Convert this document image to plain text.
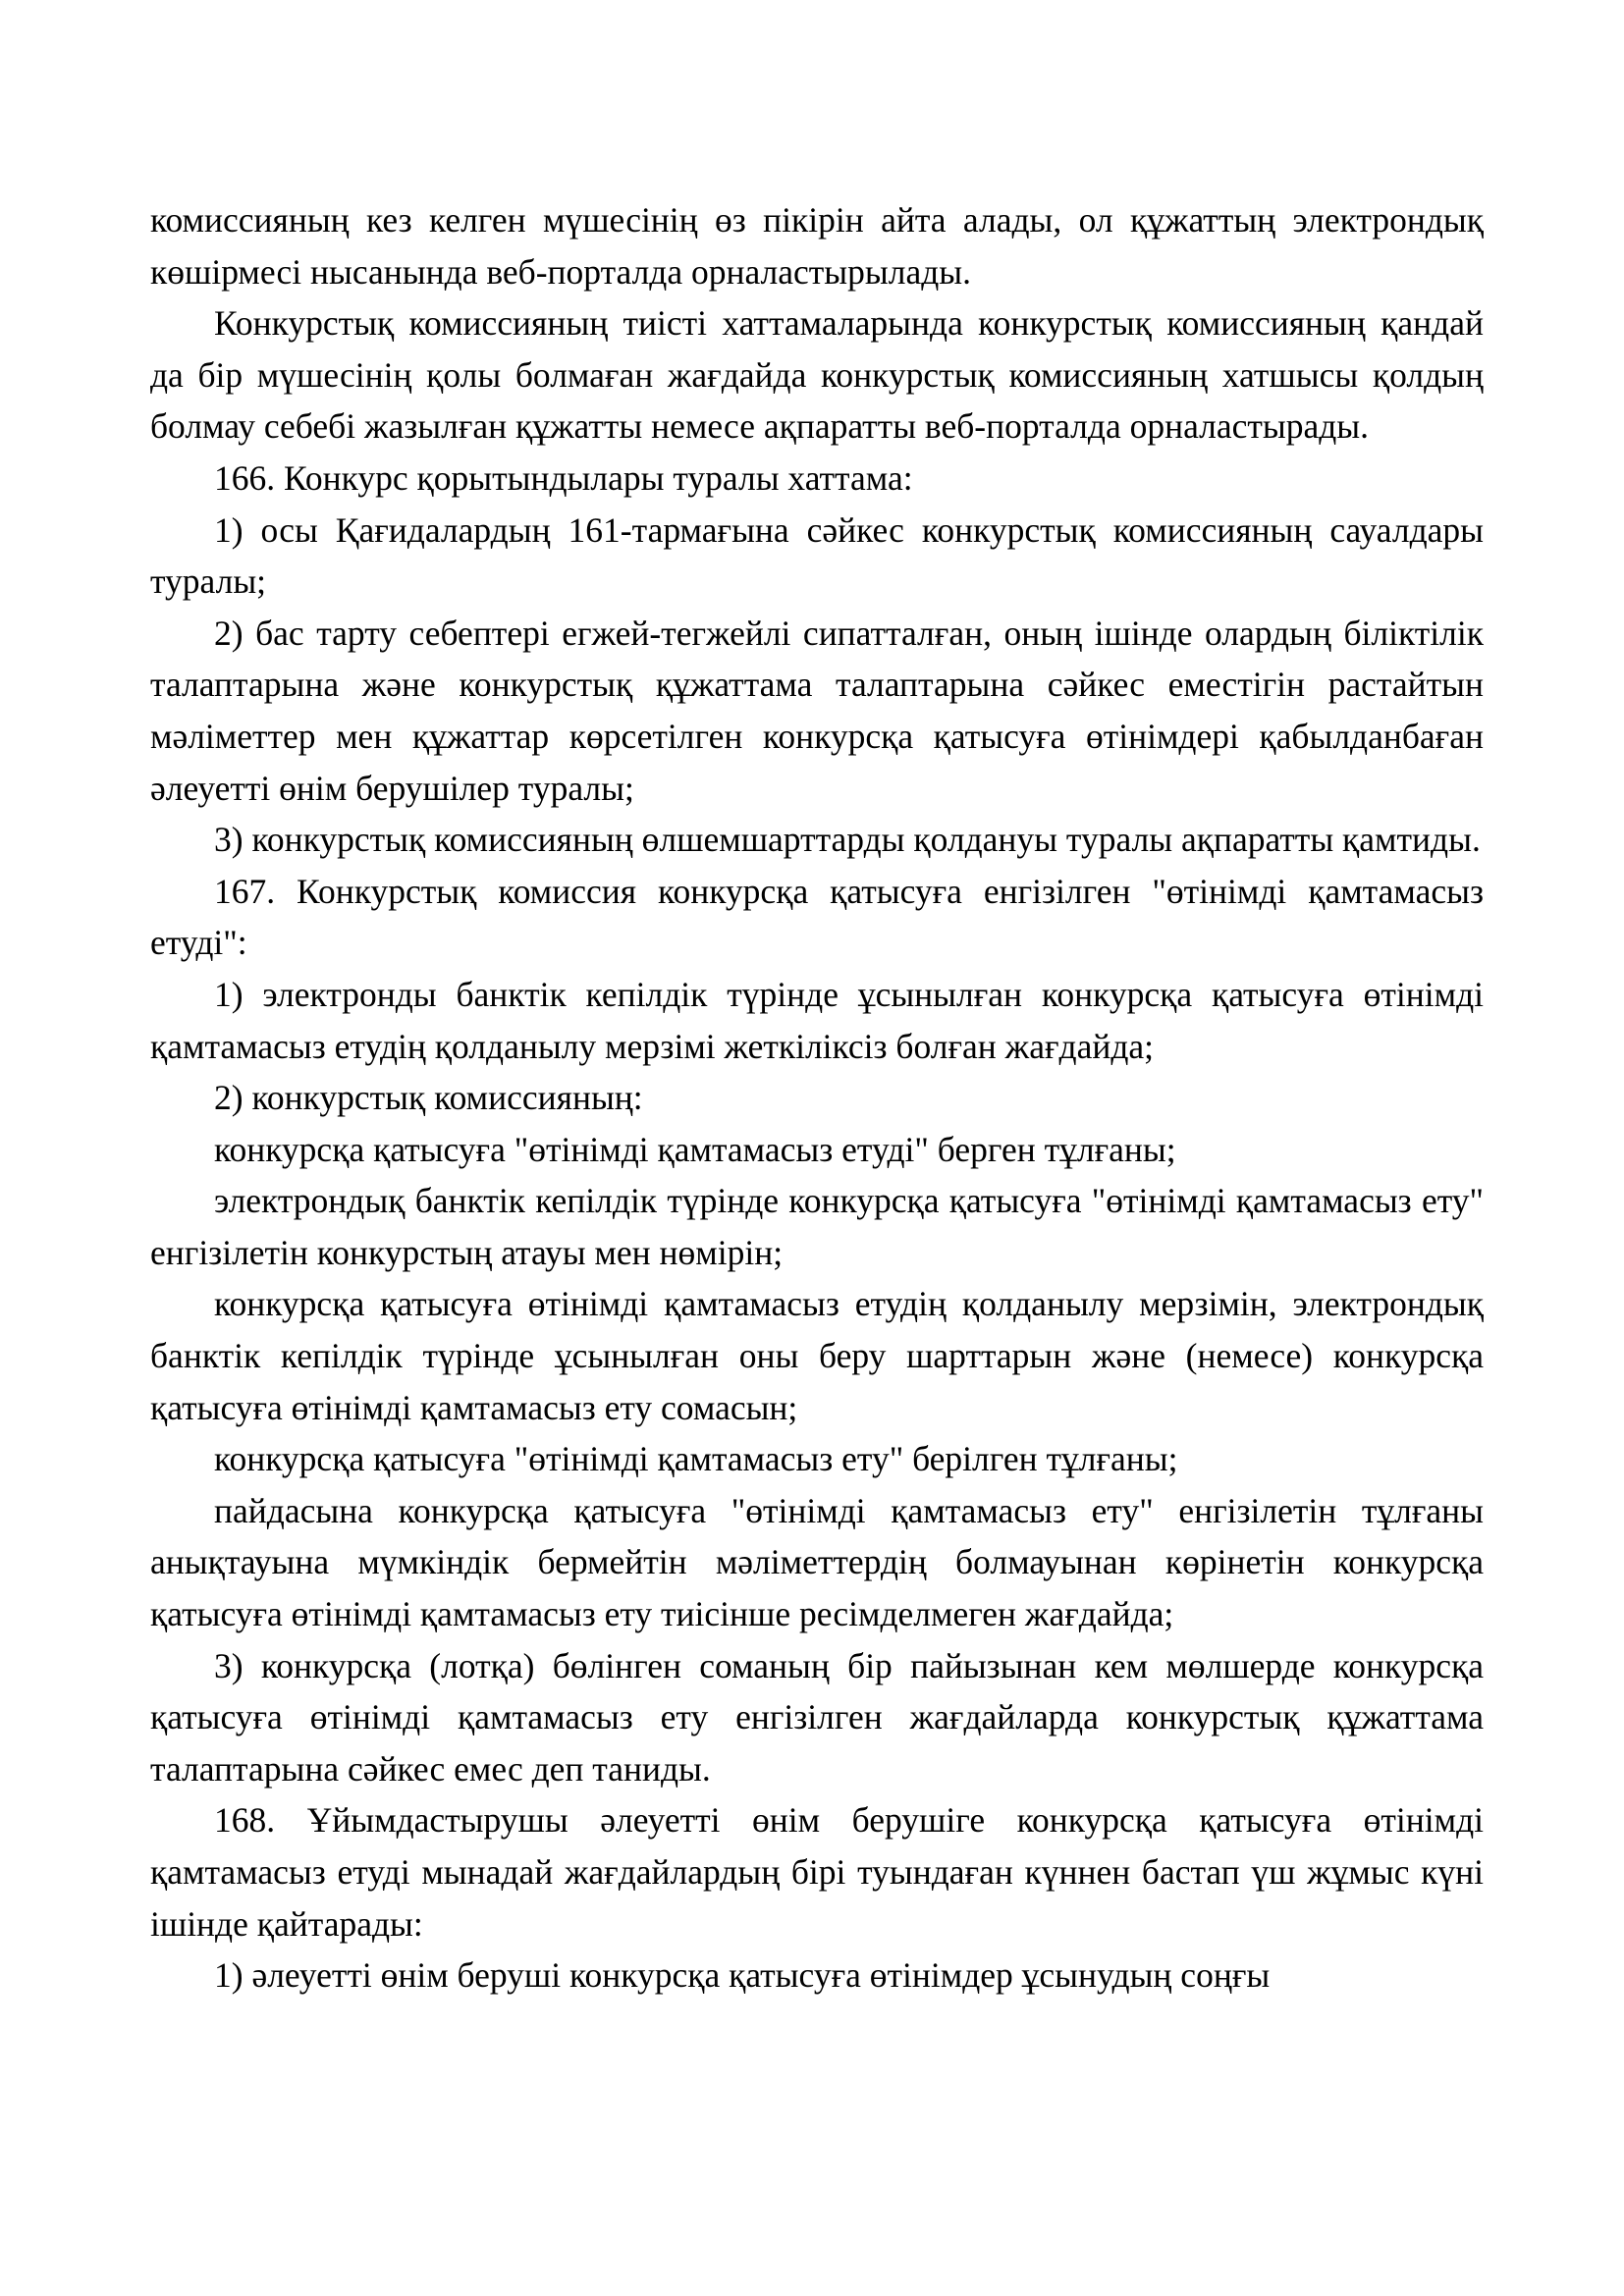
комиссияның кез келген мүшесінің өз пікірін айта алады, ол құжаттың электрондық көшірмесі нысанында веб-порталда орналастырылады.

Конкурстық комиссияның тиісті хаттамаларында конкурстық комиссияның қандай да бір мүшесінің қолы болмаған жағдайда конкурстық комиссияның хатшысы қолдың болмау себебі жазылған құжатты немесе ақпаратты веб-порталда орналастырады.

166. Конкурс қорытындылары туралы хаттама:

1) осы Қағидалардың 161-тармағына сәйкес конкурстық комиссияның сауалдары туралы;

2) бас тарту себептері егжей-тегжейлі сипатталған, оның ішінде олардың біліктілік талаптарына және конкурстық құжаттама талаптарына сәйкес еместігін растайтын мәліметтер мен құжаттар көрсетілген конкурсқа қатысуға өтінімдері қабылданбаған әлеуетті өнім берушілер туралы;

3) конкурстық комиссияның өлшемшарттарды қолдануы туралы ақпаратты қамтиды.

167. Конкурстық комиссия конкурсқа қатысуға енгізілген "өтінімді қамтамасыз етуді":

1) электронды банктік кепілдік түрінде ұсынылған конкурсқа қатысуға өтінімді қамтамасыз етудің қолданылу мерзімі жеткіліксіз болған жағдайда;

2) конкурстық комиссияның:

конкурсқа қатысуға "өтінімді қамтамасыз етуді" берген тұлғаны;

электрондық банктік кепілдік түрінде конкурсқа қатысуға "өтінімді қамтамасыз ету" енгізілетін конкурстың атауы мен нөмірін;

конкурсқа қатысуға өтінімді қамтамасыз етудің қолданылу мерзімін, электрондық банктік кепілдік түрінде ұсынылған оны беру шарттарын және (немесе) конкурсқа қатысуға өтінімді қамтамасыз ету сомасын;

конкурсқа қатысуға "өтінімді қамтамасыз ету" берілген тұлғаны;

пайдасына конкурсқа қатысуға "өтінімді қамтамасыз ету" енгізілетін тұлғаны анықтауына мүмкіндік бермейтін мәліметтердің болмауынан көрінетін конкурсқа қатысуға өтінімді қамтамасыз ету тиісінше ресімделмеген жағдайда;

3) конкурсқа (лотқа) бөлінген соманың бір пайызынан кем мөлшерде конкурсқа қатысуға өтінімді қамтамасыз ету енгізілген жағдайларда конкурстық құжаттама талаптарына сәйкес емес деп таниды.

168. Ұйымдастырушы әлеуетті өнім берушіге конкурсқа қатысуға өтінімді қамтамасыз етуді мынадай жағдайлардың бірі туындаған күннен бастап үш жұмыс күні ішінде қайтарады:

1) әлеуетті өнім беруші конкурсқа қатысуға өтінімдер ұсынудың соңғы
